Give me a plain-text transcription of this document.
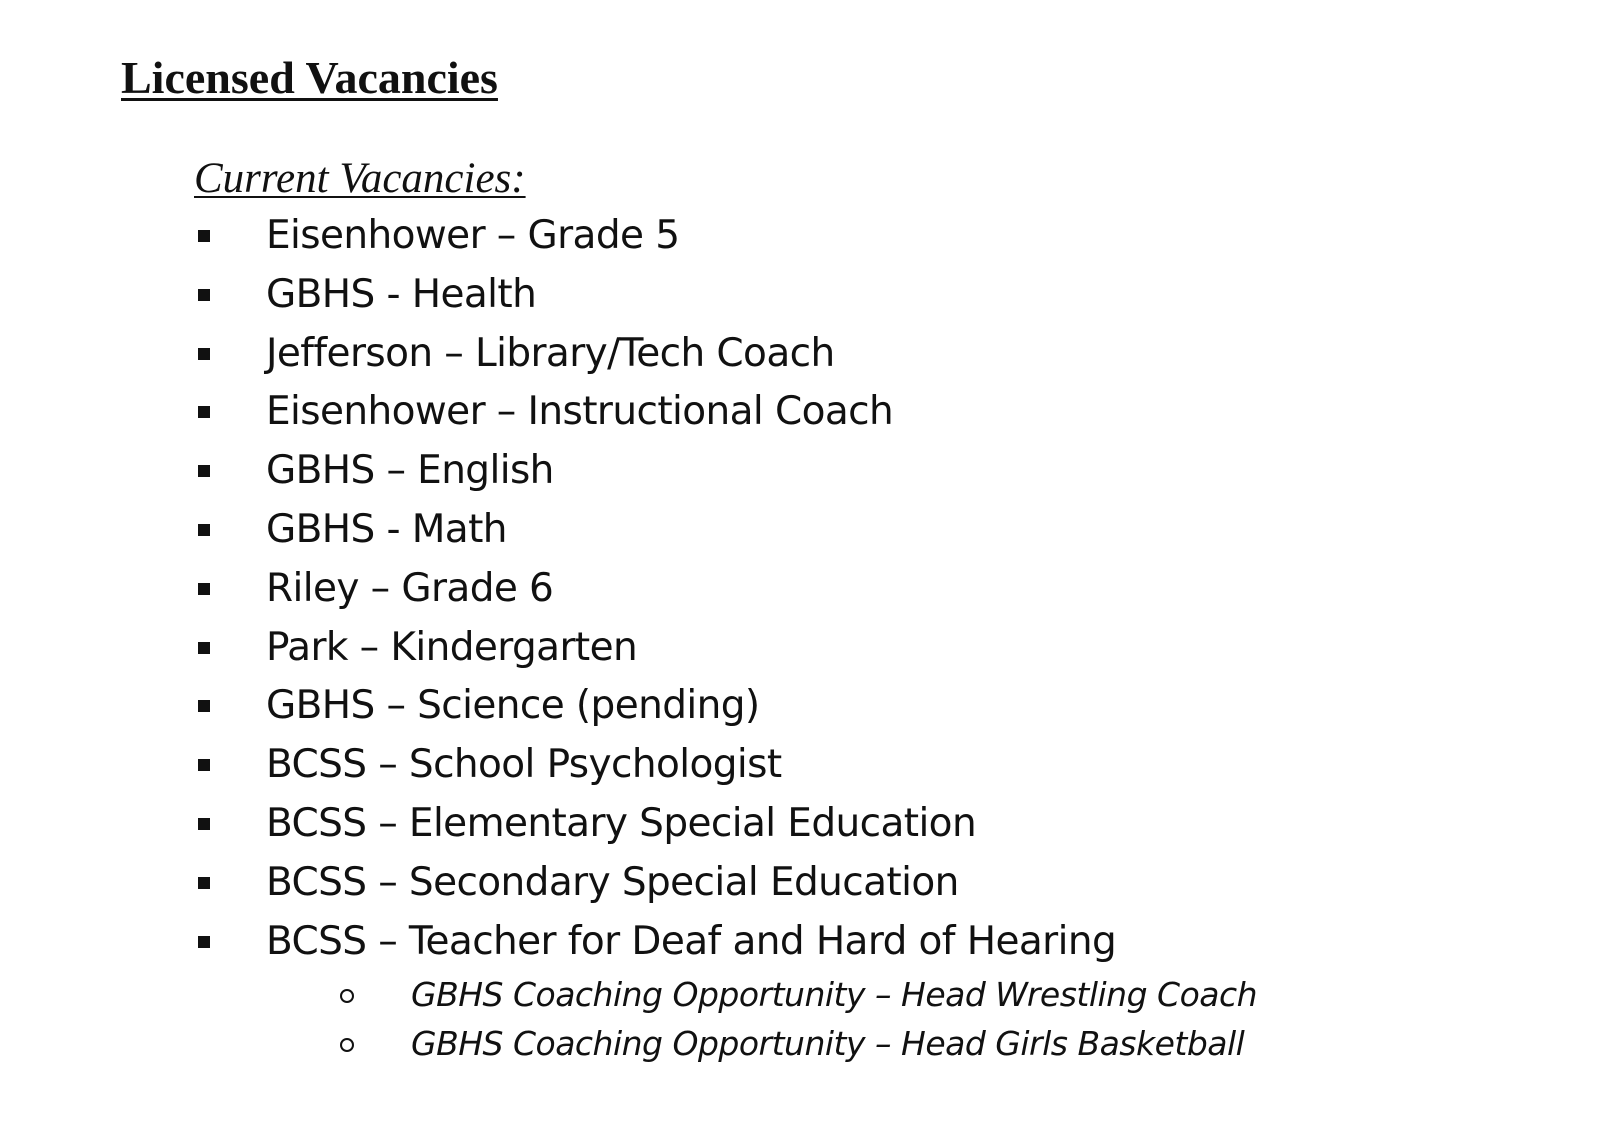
Licensed Vacancies
Current Vacancies:
Eisenhower – Grade 5
GBHS - Health
Jefferson – Library/Tech Coach
Eisenhower – Instructional Coach
GBHS – English
GBHS - Math
Riley – Grade 6
Park – Kindergarten
GBHS – Science (pending)
BCSS – School Psychologist
BCSS – Elementary Special Education
BCSS – Secondary Special Education
BCSS – Teacher for Deaf and Hard of Hearing
GBHS Coaching Opportunity – Head Wrestling Coach
GBHS Coaching Opportunity – Head Girls Basketball
